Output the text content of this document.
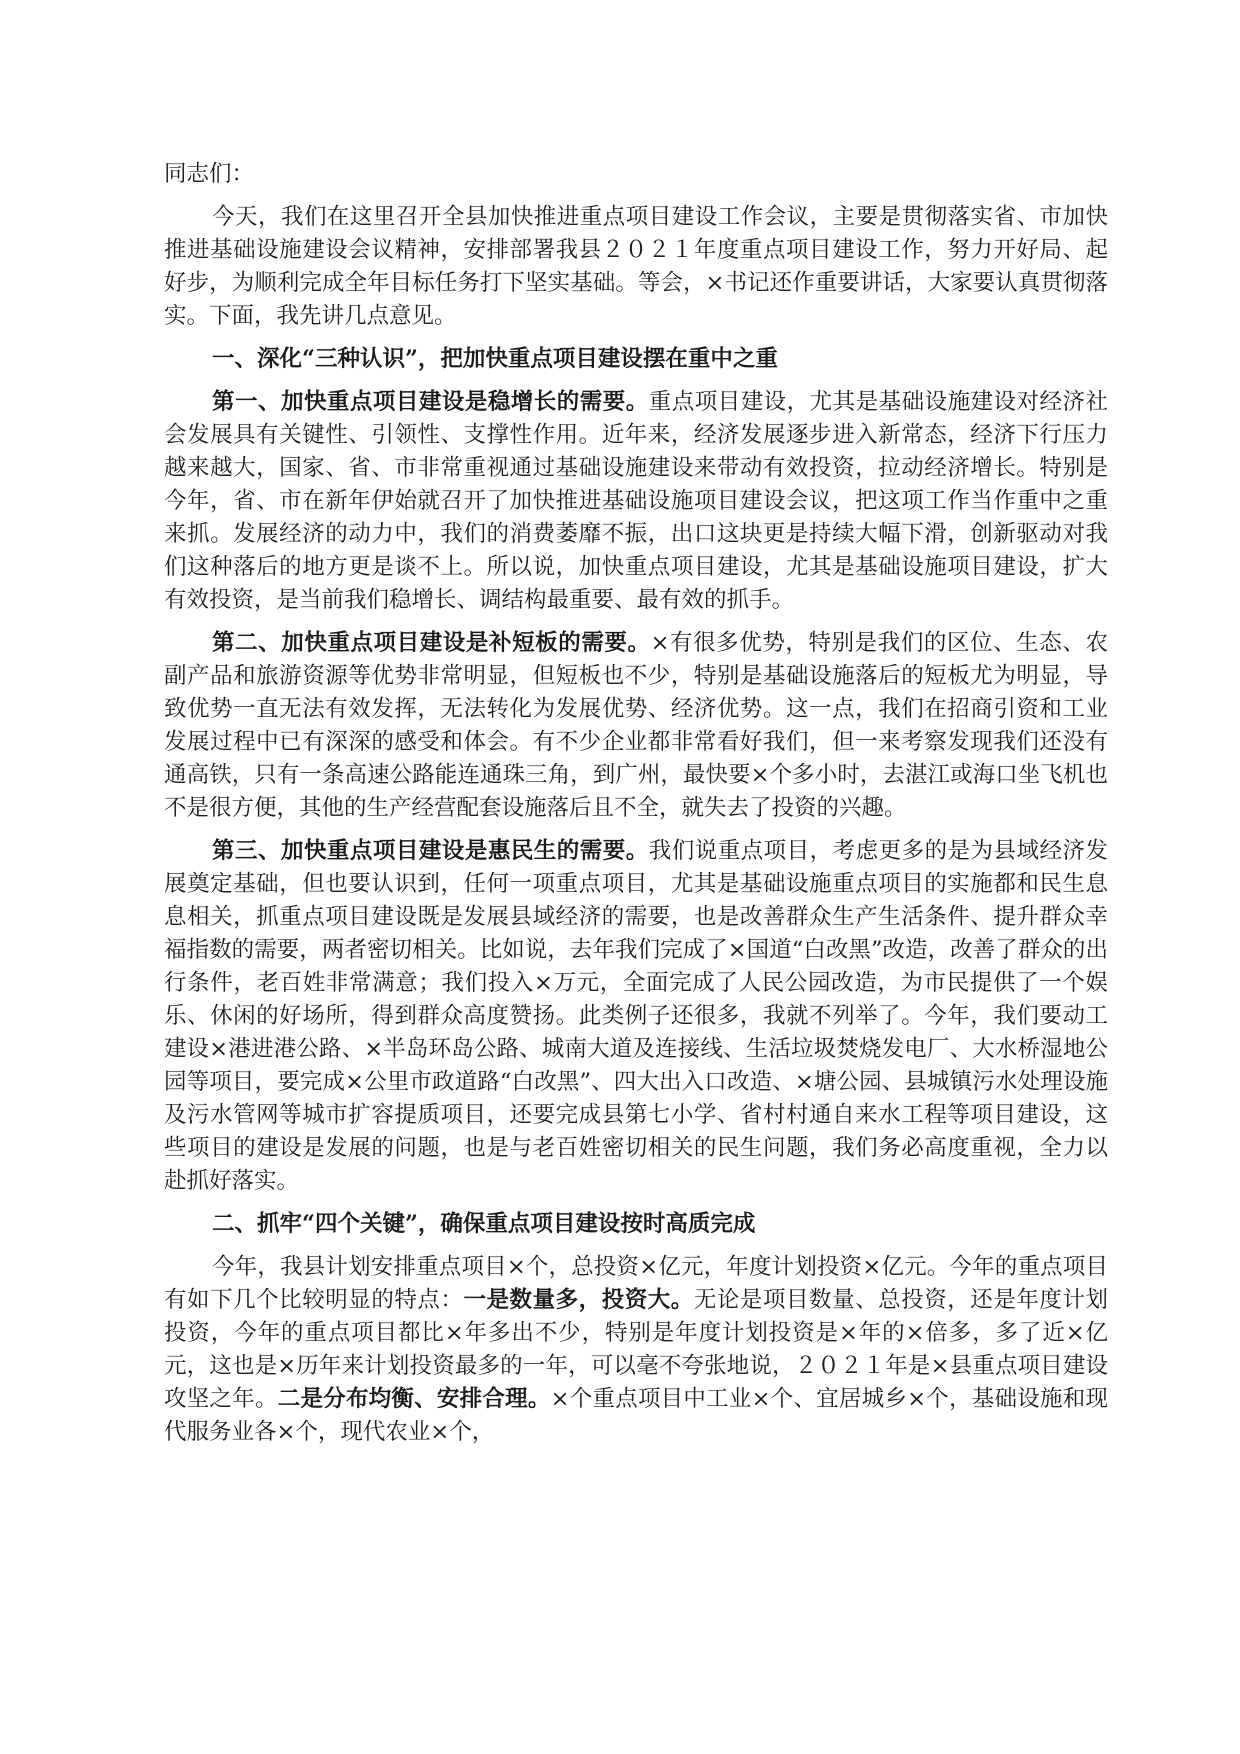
同志们：

今天，我们在这里召开全县加快推进重点项目建设工作会议，主要是贯彻落实省、市加快推进基础设施建设会议精神，安排部署我县２０２１年度重点项目建设工作，努力开好局、起好步，为顺利完成全年目标任务打下坚实基础。等会，×书记还作重要讲话，大家要认真贯彻落实。下面，我先讲几点意见。

一、深化“三种认识”，把加快重点项目建设摆在重中之重

第一、加快重点项目建设是稳增长的需要。重点项目建设，尤其是基础设施建设对经济社会发展具有关键性、引领性、支撑性作用。近年来，经济发展逐步进入新常态，经济下行压力越来越大，国家、省、市非常重视通过基础设施建设来带动有效投资，拉动经济增长。特别是今年，省、市在新年伊始就召开了加快推进基础设施项目建设会议，把这项工作当作重中之重来抓。发展经济的动力中，我们的消费萎靡不振，出口这块更是持续大幅下滑，创新驱动对我们这种落后的地方更是谈不上。所以说，加快重点项目建设，尤其是基础设施项目建设，扩大有效投资，是当前我们稳增长、调结构最重要、最有效的抓手。

第二、加快重点项目建设是补短板的需要。×有很多优势，特别是我们的区位、生态、农副产品和旅游资源等优势非常明显，但短板也不少，特别是基础设施落后的短板尤为明显，导致优势一直无法有效发挥，无法转化为发展优势、经济优势。这一点，我们在招商引资和工业发展过程中已有深深的感受和体会。有不少企业都非常看好我们，但一来考察发现我们还没有通高铁，只有一条高速公路能连通珠三角，到广州，最快要×个多小时，去湛江或海口坐飞机也不是很方便，其他的生产经营配套设施落后且不全，就失去了投资的兴趣。

第三、加快重点项目建设是惠民生的需要。我们说重点项目，考虑更多的是为县域经济发展奠定基础，但也要认识到，任何一项重点项目，尤其是基础设施重点项目的实施都和民生息息相关，抓重点项目建设既是发展县域经济的需要，也是改善群众生产生活条件、提升群众幸福指数的需要，两者密切相关。比如说，去年我们完成了×国道“白改黑”改造，改善了群众的出行条件，老百姓非常满意；我们投入×万元，全面完成了人民公园改造，为市民提供了一个娱乐、休闲的好场所，得到群众高度赞扬。此类例子还很多，我就不列举了。今年，我们要动工建设×港进港公路、×半岛环岛公路、城南大道及连接线、生活垃圾焚烧发电厂、大水桥湿地公园等项目，要完成×公里市政道路“白改黑”、四大出入口改造、×塘公园、县城镇污水处理设施及污水管网等城市扩容提质项目，还要完成县第七小学、省村村通自来水工程等项目建设，这些项目的建设是发展的问题，也是与老百姓密切相关的民生问题，我们务必高度重视，全力以赴抓好落实。

二、抓牢“四个关键”，确保重点项目建设按时高质完成

今年，我县计划安排重点项目×个，总投资×亿元，年度计划投资×亿元。今年的重点项目有如下几个比较明显的特点：一是数量多，投资大。无论是项目数量、总投资，还是年度计划投资，今年的重点项目都比×年多出不少，特别是年度计划投资是×年的×倍多，多了近×亿元，这也是×历年来计划投资最多的一年，可以毫不夸张地说，２０２１年是×县重点项目建设攻坚之年。二是分布均衡、安排合理。×个重点项目中工业×个、宜居城乡×个，基础设施和现代服务业各×个，现代农业×个，
